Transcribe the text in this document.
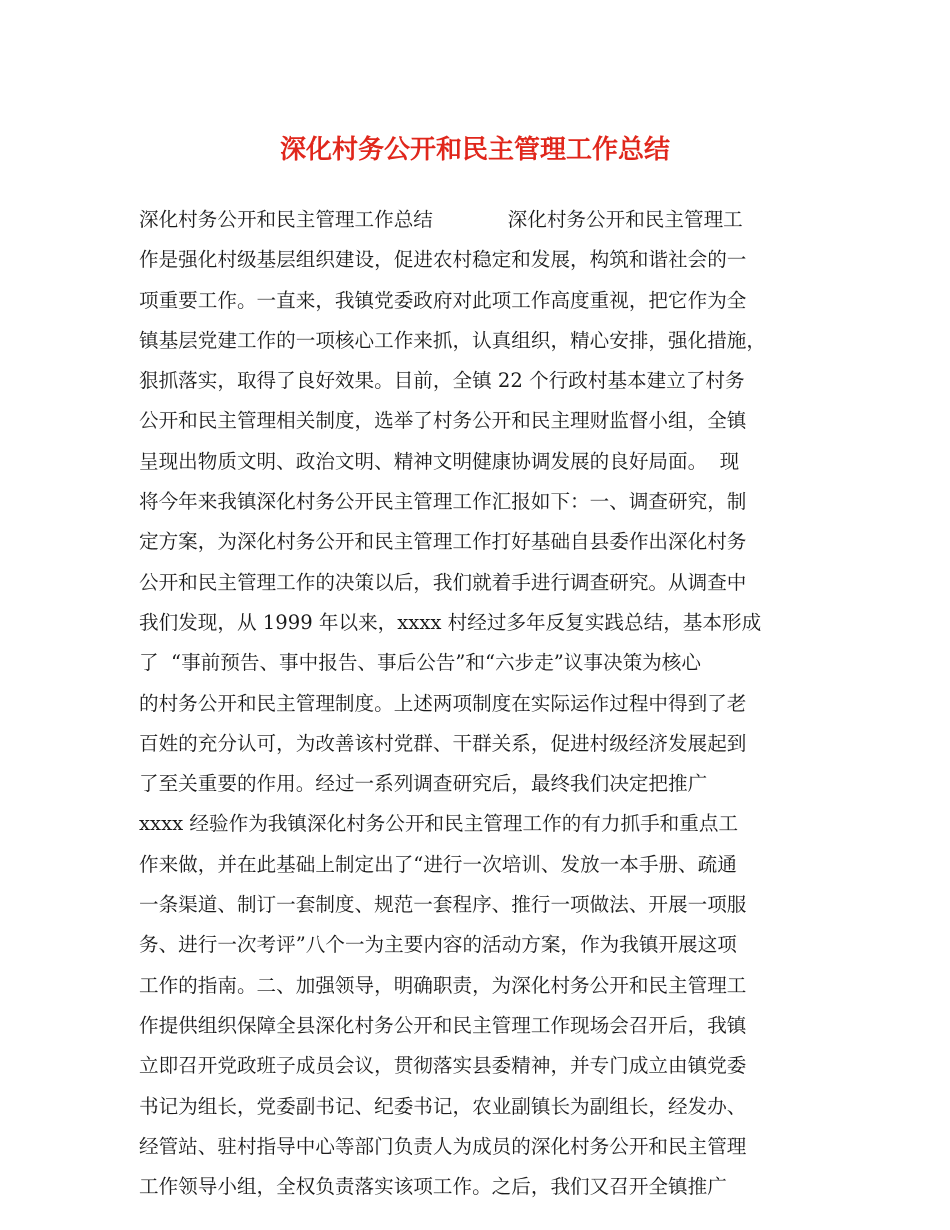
深化村务公开和民主管理工作总结
深化村务公开和民主管理工作总结            深化村务公开和民主管理工
作是强化村级基层组织建设，促进农村稳定和发展，构筑和谐社会的一
项重要工作。一直来，我镇党委政府对此项工作高度重视，把它作为全
镇基层党建工作的一项核心工作来抓，认真组织，精心安排，强化措施，
狠抓落实，取得了良好效果。目前，全镇 22 个行政村基本建立了村务
公开和民主管理相关制度，选举了村务公开和民主理财监督小组，全镇
呈现出物质文明、政治文明、精神文明健康协调发展的良好局面。  现
将今年来我镇深化村务公开民主管理工作汇报如下：一、调查研究，制
定方案，为深化村务公开和民主管理工作打好基础自县委作出深化村务
公开和民主管理工作的决策以后，我们就着手进行调查研究。从调查中
我们发现，从 1999 年以来，xxxx 村经过多年反复实践总结，基本形成
了  “事前预告、事中报告、事后公告”和“六步走”议事决策为核心
的村务公开和民主管理制度。上述两项制度在实际运作过程中得到了老
百姓的充分认可，为改善该村党群、干群关系，促进村级经济发展起到
了至关重要的作用。经过一系列调查研究后，最终我们决定把推广
xxxx 经验作为我镇深化村务公开和民主管理工作的有力抓手和重点工
作来做，并在此基础上制定出了“进行一次培训、发放一本手册、疏通
一条渠道、制订一套制度、规范一套程序、推行一项做法、开展一项服
务、进行一次考评”八个一为主要内容的活动方案，作为我镇开展这项
工作的指南。二、加强领导，明确职责，为深化村务公开和民主管理工
作提供组织保障全县深化村务公开和民主管理工作现场会召开后，我镇
立即召开党政班子成员会议，贯彻落实县委精神，并专门成立由镇党委
书记为组长，党委副书记、纪委书记，农业副镇长为副组长，经发办、
经管站、驻村指导中心等部门负责人为成员的深化村务公开和民主管理
工作领导小组，全权负责落实该项工作。之后，我们又召开全镇推广
